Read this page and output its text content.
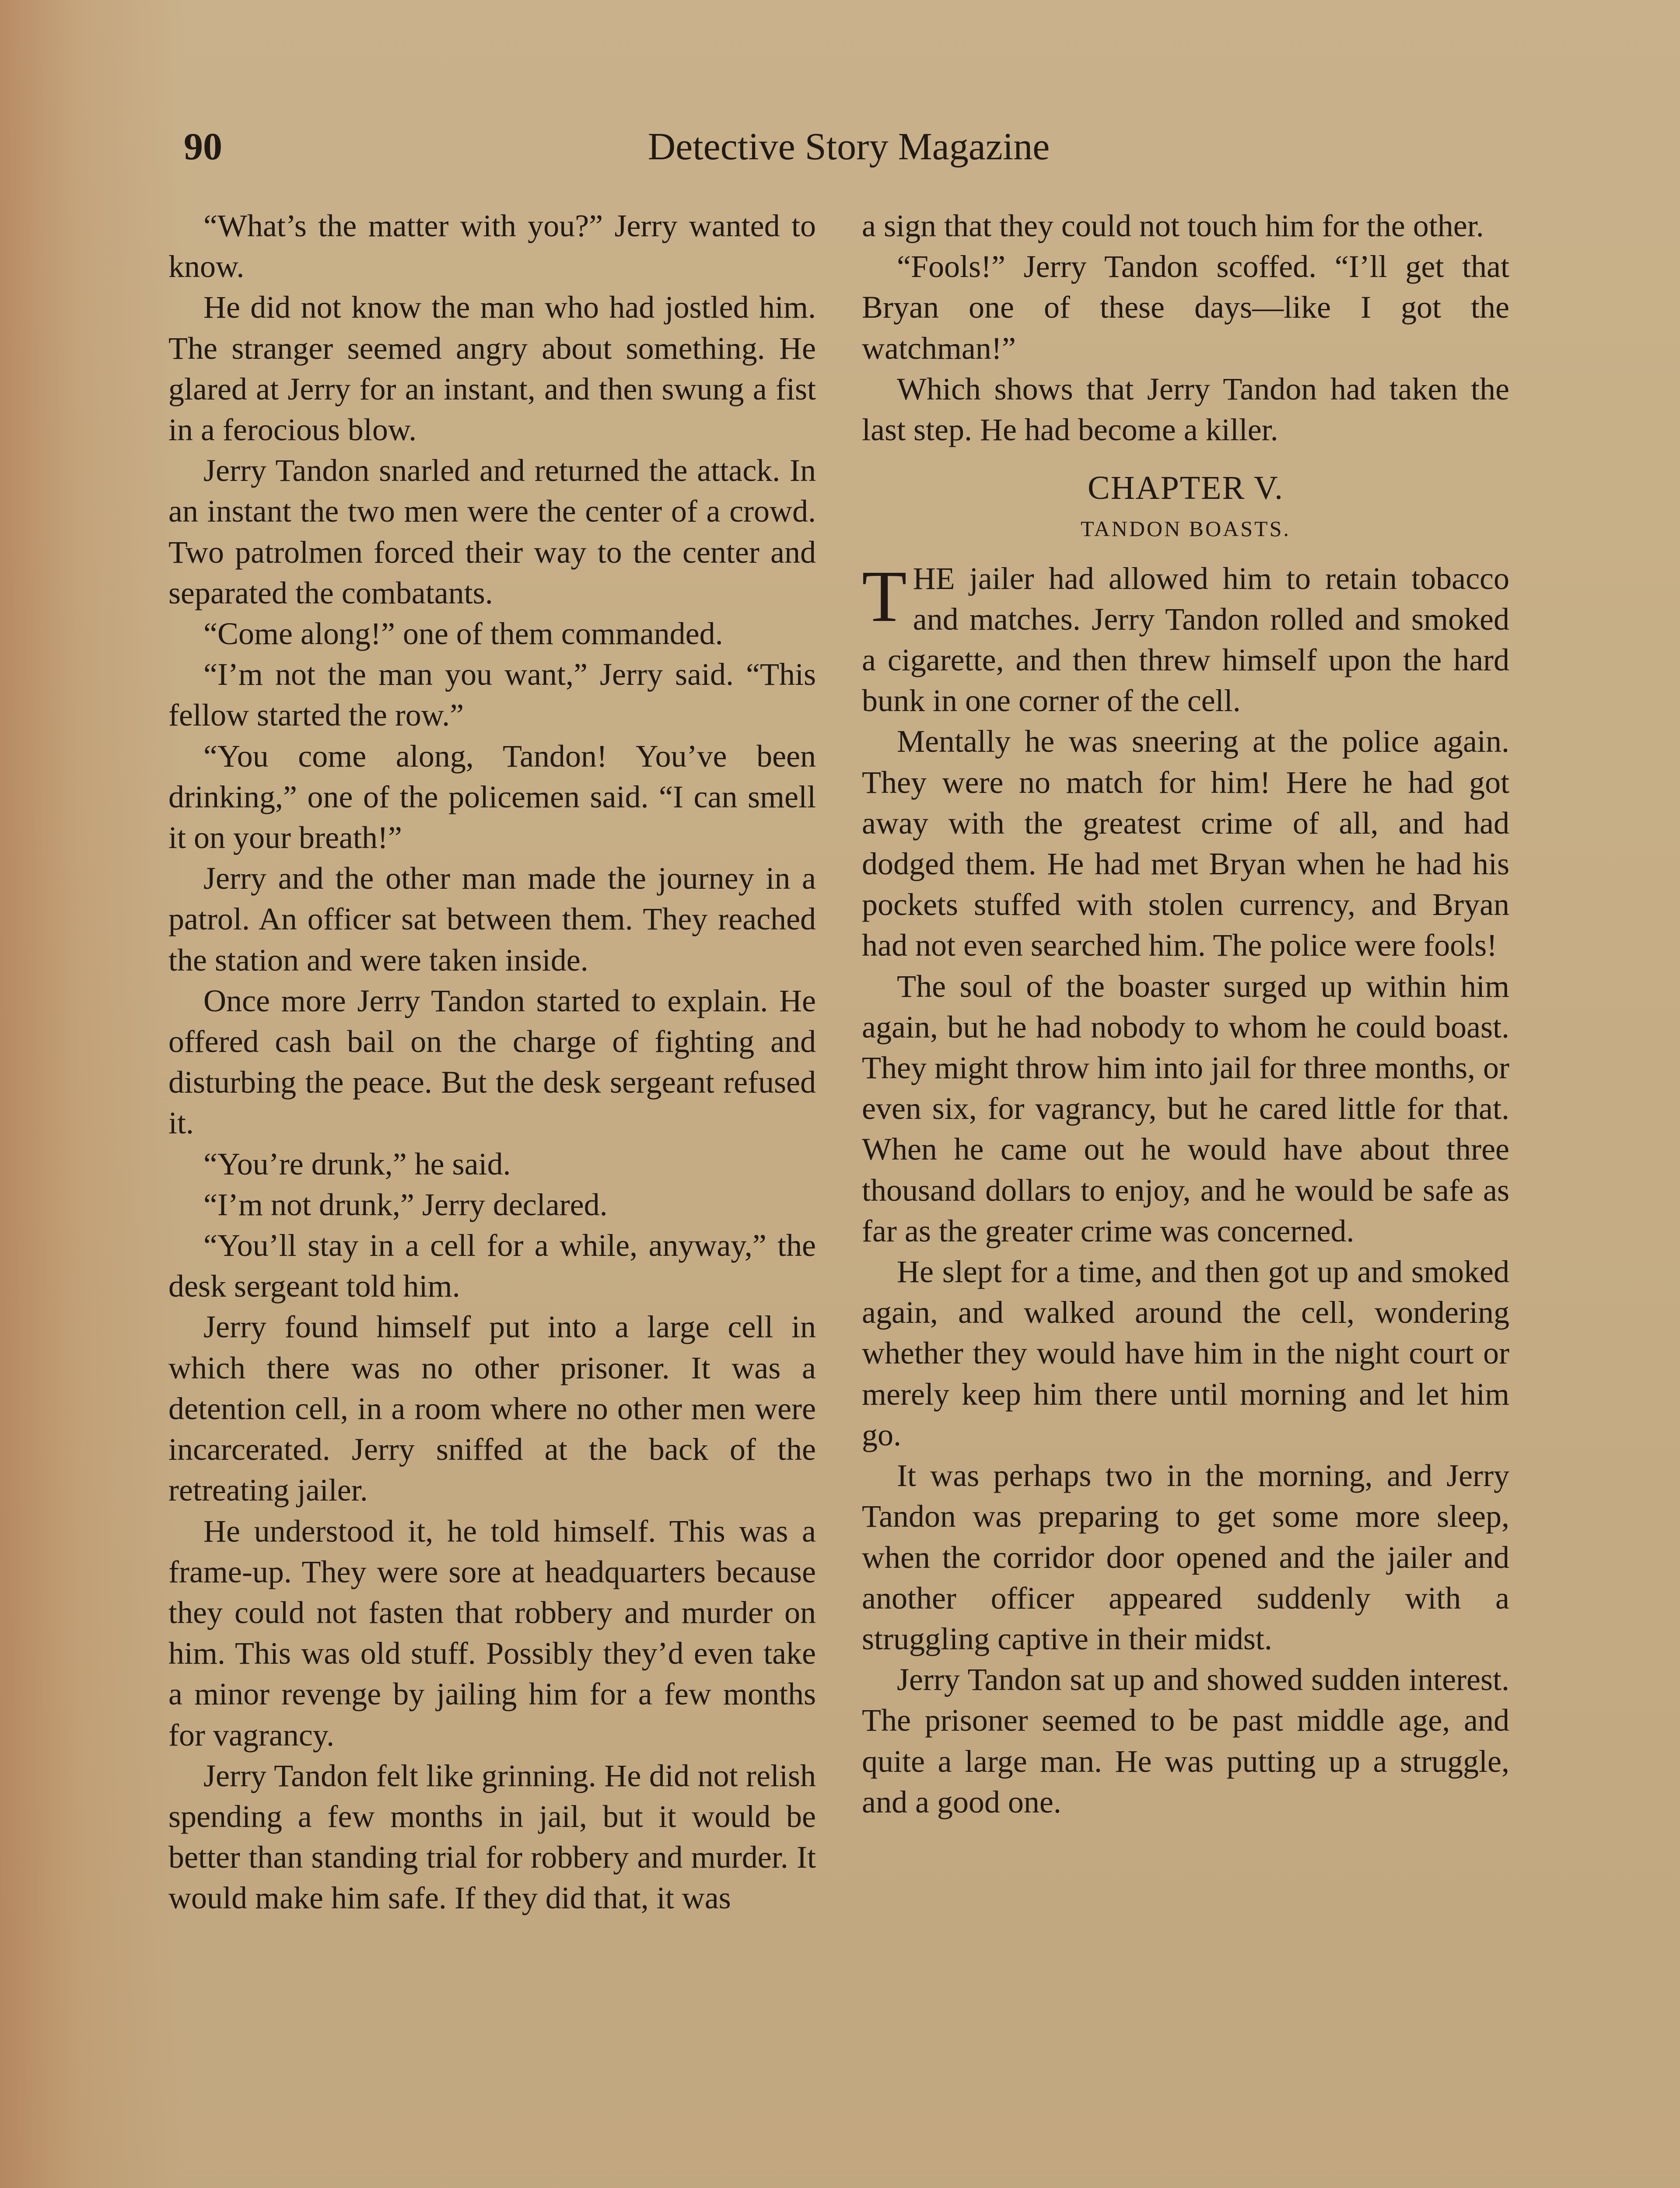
90	Detective Story Magazine

“What’s the matter with you?” Jerry wanted to know.

He did not know the man who had jostled him. The stranger seemed angry about something. He glared at Jerry for an instant, and then swung a fist in a ferocious blow.

Jerry Tandon snarled and returned the attack. In an instant the two men were the center of a crowd. Two patrolmen forced their way to the center and separated the combatants.

“Come along!” one of them commanded.

“I’m not the man you want,” Jerry said. “This fellow started the row.”

“You come along, Tandon! You’ve been drinking,” one of the policemen said. “I can smell it on your breath!”

Jerry and the other man made the journey in a patrol. An officer sat between them. They reached the station and were taken inside.

Once more Jerry Tandon started to explain. He offered cash bail on the charge of fighting and disturbing the peace. But the desk sergeant refused it.

“You’re drunk,” he said.

“I’m not drunk,” Jerry declared.

“You’ll stay in a cell for a while, anyway,” the desk sergeant told him.

Jerry found himself put into a large cell in which there was no other prisoner. It was a detention cell, in a room where no other men were incarcerated. Jerry sniffed at the back of the retreating jailer.

He understood it, he told himself. This was a frame-up. They were sore at headquarters because they could not fasten that robbery and murder on him. This was old stuff. Possibly they’d even take a minor revenge by jailing him for a few months for vagrancy.

Jerry Tandon felt like grinning. He did not relish spending a few months in jail, but it would be better than standing trial for robbery and murder. It would make him safe. If they did that, it was

a sign that they could not touch him for the other.

“Fools!” Jerry Tandon scoffed. “I’ll get that Bryan one of these days—like I got the watchman!”

Which shows that Jerry Tandon had taken the last step. He had become a killer.

CHAPTER V.
TANDON BOASTS.

THE jailer had allowed him to retain tobacco and matches. Jerry Tandon rolled and smoked a cigarette, and then threw himself upon the hard bunk in one corner of the cell.

Mentally he was sneering at the police again. They were no match for him! Here he had got away with the greatest crime of all, and had dodged them. He had met Bryan when he had his pockets stuffed with stolen currency, and Bryan had not even searched him. The police were fools!

The soul of the boaster surged up within him again, but he had nobody to whom he could boast. They might throw him into jail for three months, or even six, for vagrancy, but he cared little for that. When he came out he would have about three thousand dollars to enjoy, and he would be safe as far as the greater crime was concerned.

He slept for a time, and then got up and smoked again, and walked around the cell, wondering whether they would have him in the night court or merely keep him there until morning and let him go.

It was perhaps two in the morning, and Jerry Tandon was preparing to get some more sleep, when the corridor door opened and the jailer and another officer appeared suddenly with a struggling captive in their midst.

Jerry Tandon sat up and showed sudden interest. The prisoner seemed to be past middle age, and quite a large man. He was putting up a struggle, and a good one.
